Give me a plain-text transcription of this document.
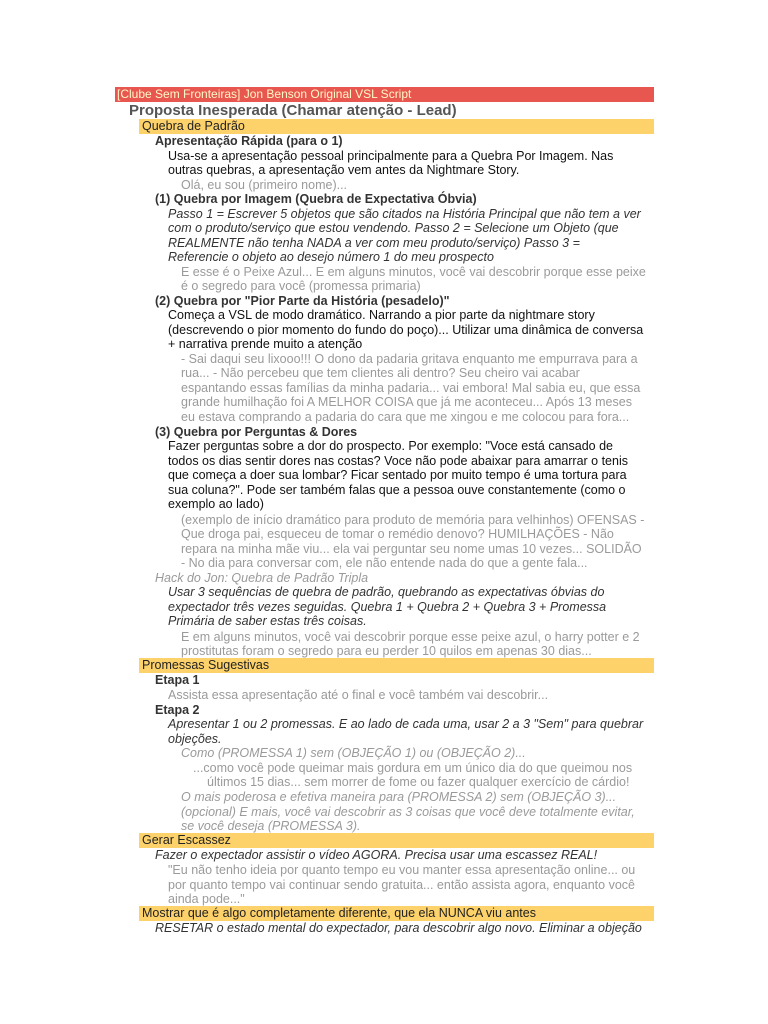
[Clube Sem Fronteiras] Jon Benson Original VSL Script
Proposta Inesperada (Chamar atenção - Lead)
Quebra de Padrão
Apresentação Rápida (para o 1)
Usa-se a apresentação pessoal principalmente para a Quebra Por Imagem. Nas
outras quebras, a apresentação vem antes da Nightmare Story.
Olá, eu sou (primeiro nome)...
(1) Quebra por Imagem (Quebra de Expectativa Óbvia)
Passo 1 = Escrever 5 objetos que são citados na História Principal que não tem a ver
com o produto/serviço que estou vendendo. Passo 2 = Selecione um Objeto (que
REALMENTE não tenha NADA a ver com meu produto/serviço) Passo 3 =
Referencie o objeto ao desejo número 1 do meu prospecto
E esse é o Peixe Azul... E em alguns minutos, você vai descobrir porque esse peixe
é o segredo para você (promessa primaria)
(2) Quebra por "Pior Parte da História (pesadelo)"
Começa a VSL de modo dramático. Narrando a pior parte da nightmare story
(descrevendo o pior momento do fundo do poço)... Utilizar uma dinâmica de conversa
+ narrativa prende muito a atenção
- Sai daqui seu lixooo!!! O dono da padaria gritava enquanto me empurrava para a
rua... - Não percebeu que tem clientes ali dentro? Seu cheiro vai acabar
espantando essas famílias da minha padaria... vai embora! Mal sabia eu, que essa
grande humilhação foi A MELHOR COISA que já me aconteceu... Após 13 meses
eu estava comprando a padaria do cara que me xingou e me colocou para fora...
(3) Quebra por Perguntas & Dores
Fazer perguntas sobre a dor do prospecto. Por exemplo: "Voce está cansado de
todos os dias sentir dores nas costas? Voce não pode abaixar para amarrar o tenis
que começa a doer sua lombar? Ficar sentado por muito tempo é uma tortura para
sua coluna?". Pode ser também falas que a pessoa ouve constantemente (como o
exemplo ao lado)
(exemplo de início dramático para produto de memória para velhinhos) OFENSAS -
Que droga pai, esqueceu de tomar o remédio denovo? HUMILHAÇÕES - Não
repara na minha mãe viu... ela vai perguntar seu nome umas 10 vezes... SOLIDÃO
- No dia para conversar com, ele não entende nada do que a gente fala...
Hack do Jon: Quebra de Padrão Tripla
Usar 3 sequências de quebra de padrão, quebrando as expectativas óbvias do
expectador três vezes seguidas. Quebra 1 + Quebra 2 + Quebra 3 + Promessa
Primária de saber estas três coisas.
E em alguns minutos, você vai descobrir porque esse peixe azul, o harry potter e 2
prostitutas foram o segredo para eu perder 10 quilos em apenas 30 dias...
Promessas Sugestivas
Etapa 1
Assista essa apresentação até o final e você também vai descobrir...
Etapa 2
Apresentar 1 ou 2 promessas. E ao lado de cada uma, usar 2 a 3 "Sem" para quebrar
objeções.
Como (PROMESSA 1) sem (OBJEÇÃO 1) ou (OBJEÇÃO 2)...
...como você pode queimar mais gordura em um único dia do que queimou nos
últimos 15 dias... sem morrer de fome ou fazer qualquer exercício de cárdio!
O mais poderosa e efetiva maneira para (PROMESSA 2) sem (OBJEÇÃO 3)...
(opcional) E mais, você vai descobrir as 3 coisas que você deve totalmente evitar,
se você deseja (PROMESSA 3).
Gerar Escassez
Fazer o expectador assistir o vídeo AGORA. Precisa usar uma escassez REAL!
"Eu não tenho ideia por quanto tempo eu vou manter essa apresentação online... ou
por quanto tempo vai continuar sendo gratuita... então assista agora, enquanto você
ainda pode..."
Mostrar que é algo completamente diferente, que ela NUNCA viu antes
RESETAR o estado mental do expectador, para descobrir algo novo. Eliminar a objeção
